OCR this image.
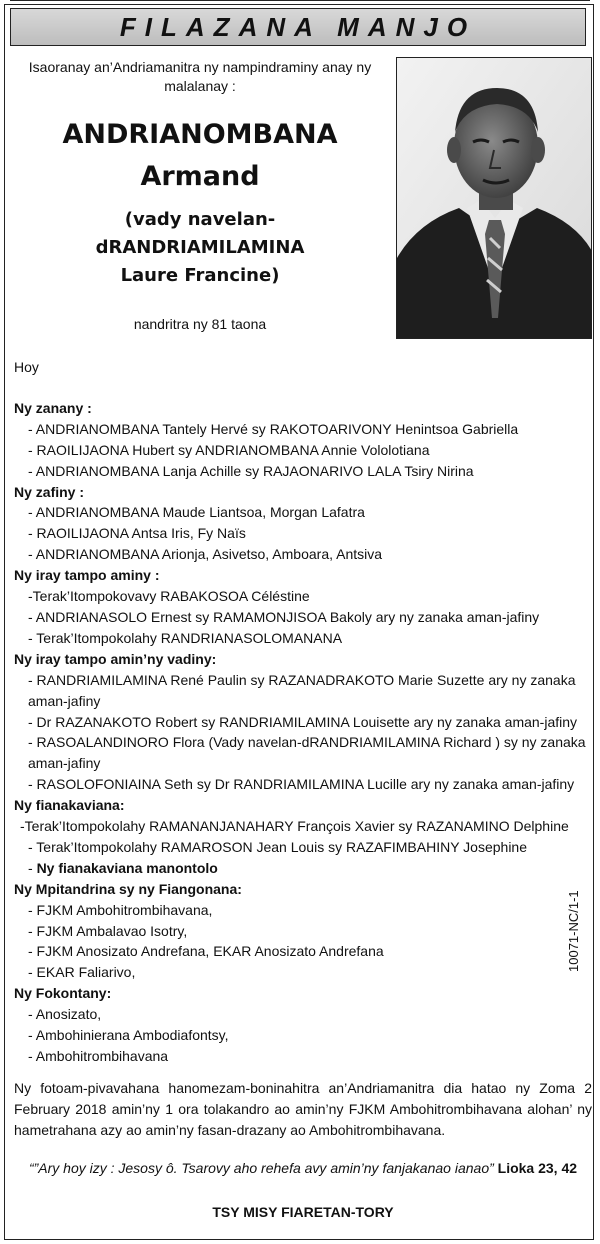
FILAZANA MANJO
Isaoranay an’Andriamanitra ny nampindraminy anay ny malalanay :
ANDRIANOMBANA
Armand
(vady navelan-
dRANDRIAMILAMINA
Laure Francine)
nandritra ny 81 taona

Hoy

Ny zanany :

- ANDRIANOMBANA Tantely Hervé sy RAKOTOARIVONY Henintsoa Gabriella

- RAOILIJAONA Hubert sy ANDRIANOMBANA Annie Vololotiana

- ANDRIANOMBANA Lanja Achille sy RAJAONARIVO LALA Tsiry Nirina

Ny zafiny :

- ANDRIANOMBANA Maude Liantsoa, Morgan Lafatra

- RAOILIJAONA Antsa Iris, Fy Naïs

- ANDRIANOMBANA Arionja, Asivetso, Amboara, Antsiva

Ny iray tampo aminy :

-Terak’Itompokovavy RABAKOSOA Céléstine

- ANDRIANASOLO Ernest sy RAMAMONJISOA Bakoly ary ny zanaka aman-jafiny

- Terak’Itompokolahy RANDRIANASOLOMANANA

Ny iray tampo amin’ny vadiny:

- RANDRIAMILAMINA René Paulin sy RAZANADRAKOTO Marie Suzette ary ny zanaka

aman-jafiny

- Dr RAZANAKOTO Robert sy RANDRIAMILAMINA Louisette ary ny zanaka aman-jafiny

- RASOALANDINORO Flora (Vady navelan-dRANDRIAMILAMINA Richard ) sy ny zanaka

aman-jafiny

- RASOLOFONIAINA Seth sy Dr RANDRIAMILAMINA Lucille ary ny zanaka aman-jafiny

Ny fianakaviana:

-Terak’Itompokolahy RAMANANJANAHARY François Xavier sy RAZANAMINO Delphine

- Terak’Itompokolahy RAMAROSON Jean Louis sy RAZAFIMBAHINY Josephine

- Ny fianakaviana manontolo

Ny Mpitandrina sy ny Fiangonana:

- FJKM Ambohitrombihavana,

- FJKM Ambalavao Isotry,

- FJKM Anosizato Andrefana, EKAR Anosizato Andrefana

- EKAR Faliarivo,

Ny Fokontany:

- Anosizato,

- Ambohinierana Ambodiafontsy,

- Ambohitrombihavana

10071-NC/1-1
Ny fotoam-pivavahana hanomezam-boninahitra an’Andriamanitra dia hatao ny Zoma 2 February 2018 amin’ny 1 ora tolakandro ao amin’ny FJKM Ambohitrombihavana alohan’ ny hametrahana azy ao amin’ny fasan-drazany ao Ambohitrombihavana.
“”Ary hoy izy : Jesosy ô. Tsarovy aho rehefa avy amin’ny fanjakanao ianao” Lioka 23, 42
TSY MISY FIARETAN-TORY
